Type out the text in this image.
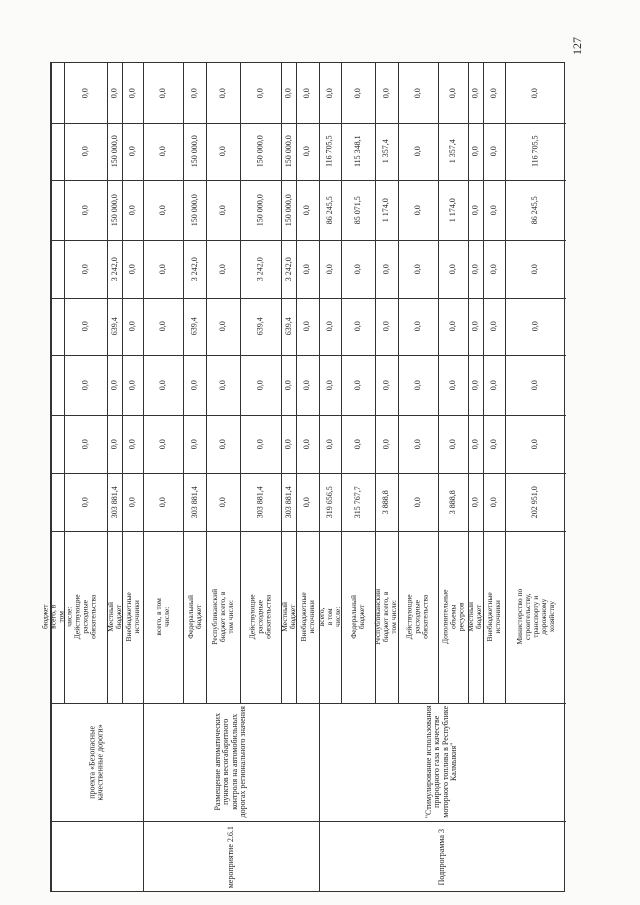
127
проекта «Безопасные качественные дороги»
мероприятие 2.6.1
Размещение автоматических пунктов весогабаритного контроля на автомобильных дорогах регионального значения
Подпрограмма 3
"Стимулирование использования природного газа в качестве моторного топлива в Республике Калмыкия"
бюджет всего, в том числе: Действующие расходные обязательства
0,0
0,0
0,0
0,0
0,0
0,0
0,0
0,0
Местный бюджет
303 881,4
0,0
0,0
639,4
3 242,0
150 000,0
150 000,0
0,0
Внебюджетные источники
0,0
0,0
0,0
0,0
0,0
0,0
0,0
0,0
всего, в том числе:
0,0
0,0
0,0
0,0
0,0
0,0
0,0
0,0
Федеральный бюджет
303 881,4
0,0
0,0
639,4
3 242,0
150 000,0
150 000,0
0,0
Республиканский бюджет всего, в том числе:
0,0
0,0
0,0
0,0
0,0
0,0
0,0
0,0
Действующие расходные обязательства
303 881,4
0,0
0,0
639,4
3 242,0
150 000,0
150 000,0
0,0
Местный бюджет
303 881,4
0,0
0,0
639,4
3 242,0
150 000,0
150 000,0
0,0
Внебюджетные источники
0,0
0,0
0,0
0,0
0,0
0,0
0,0
0,0
всего, в том числе:
319 656,5
0,0
0,0
0,0
0,0
86 245,5
116 705,5
0,0
Федеральный бюджет
315 767,7
0,0
0,0
0,0
0,0
85 071,5
115 348,1
0,0
Республиканский бюджет всего, в том числе:
3 888,8
0,0
0,0
0,0
0,0
1 174,0
1 357,4
0,0
Действующие расходные обязательства
0,0
0,0
0,0
0,0
0,0
0,0
0,0
0,0
Дополнительные объемы ресурсов
3 888,8
0,0
0,0
0,0
0,0
1 174,0
1 357,4
0,0
Местный бюджет
0,0
0,0
0,0
0,0
0,0
0,0
0,0
0,0
Внебюджетные источники
0,0
0,0
0,0
0,0
0,0
0,0
0,0
0,0
Министерство по строительству, транспорту и дорожному хозяйству
202 951,0
0,0
0,0
0,0
0,0
86 245,5
116 705,5
0,0
